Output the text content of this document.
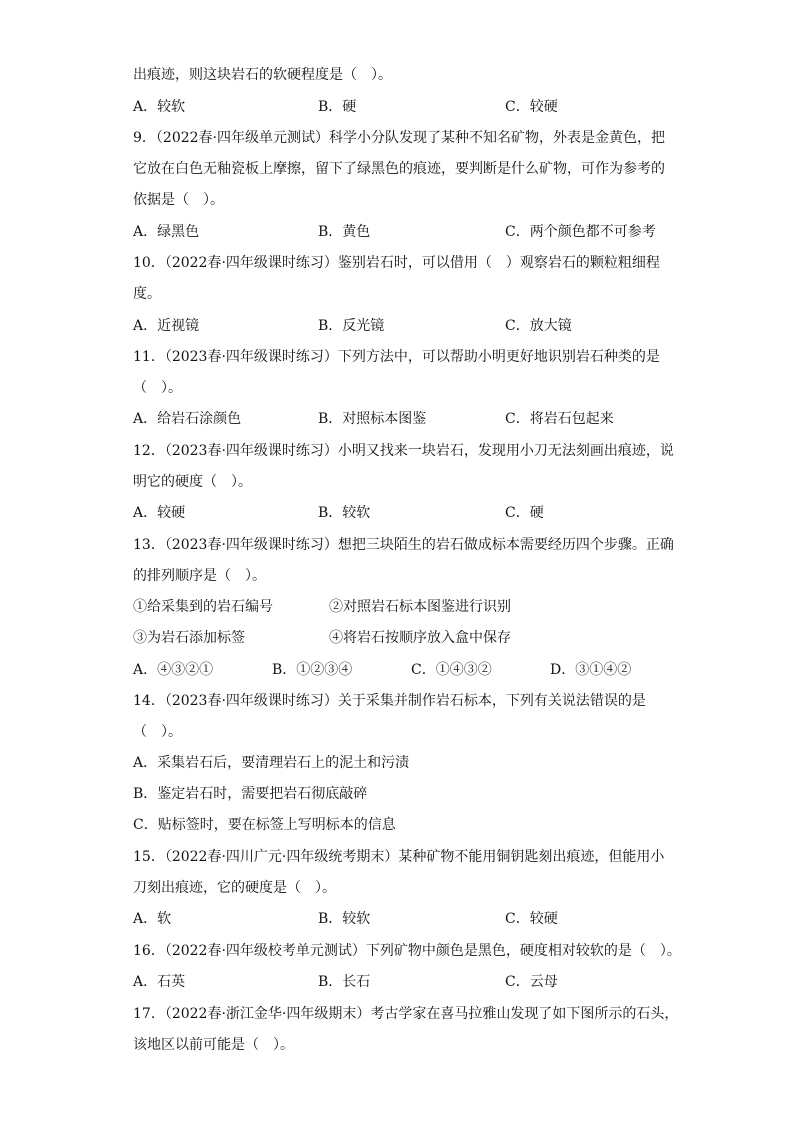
出痕迹，则这块岩石的软硬程度是（　）。
9．（2022春·四年级单元测试）科学小分队发现了某种不知名矿物，外表是金黄色，把
它放在白色无釉瓷板上摩擦，留下了绿黑色的痕迹，要判断是什么矿物，可作为参考的
依据是（　）。
10．（2022春·四年级课时练习）鉴别岩石时，可以借用（　）观察岩石的颗粒粗细程
度。
11．（2023春·四年级课时练习）下列方法中，可以帮助小明更好地识别岩石种类的是
（　）。
12．（2023春·四年级课时练习）小明又找来一块岩石，发现用小刀无法刻画出痕迹，说
明它的硬度（　）。
13．（2023春·四年级课时练习）想把三块陌生的岩石做成标本需要经历四个步骤。正确
的排列顺序是（　）。
14．（2023春·四年级课时练习）关于采集并制作岩石标本，下列有关说法错误的是
（　）。
A．采集岩石后，要清理岩石上的泥土和污渍
B．鉴定岩石时，需要把岩石彻底敲碎
C．贴标签时，要在标签上写明标本的信息
15．（2022春·四川广元·四年级统考期末）某种矿物不能用铜钥匙刻出痕迹，但能用小
刀刻出痕迹，它的硬度是（　）。
16．（2022春·四年级校考单元测试）下列矿物中颜色是黑色，硬度相对较软的是（　）。
17．（2022春·浙江金华·四年级期末）考古学家在喜马拉雅山发现了如下图所示的石头，
该地区以前可能是（　）。
A．较软	B．硬	C．较硬
A．绿黑色	B．黄色	C．两个颜色都不可参考
A．近视镜	B．反光镜	C．放大镜
A．给岩石涂颜色	B．对照标本图鉴	C．将岩石包起来
A．较硬	B．较软	C．硬
A．软	B．较软	C．较硬
A．石英	B．长石	C．云母
①给采集到的岩石编号	②对照岩石标本图鉴进行识别
③为岩石添加标签	④将岩石按顺序放入盒中保存
A．④③②①	B．①②③④	C．①④③②	D．③①④②
